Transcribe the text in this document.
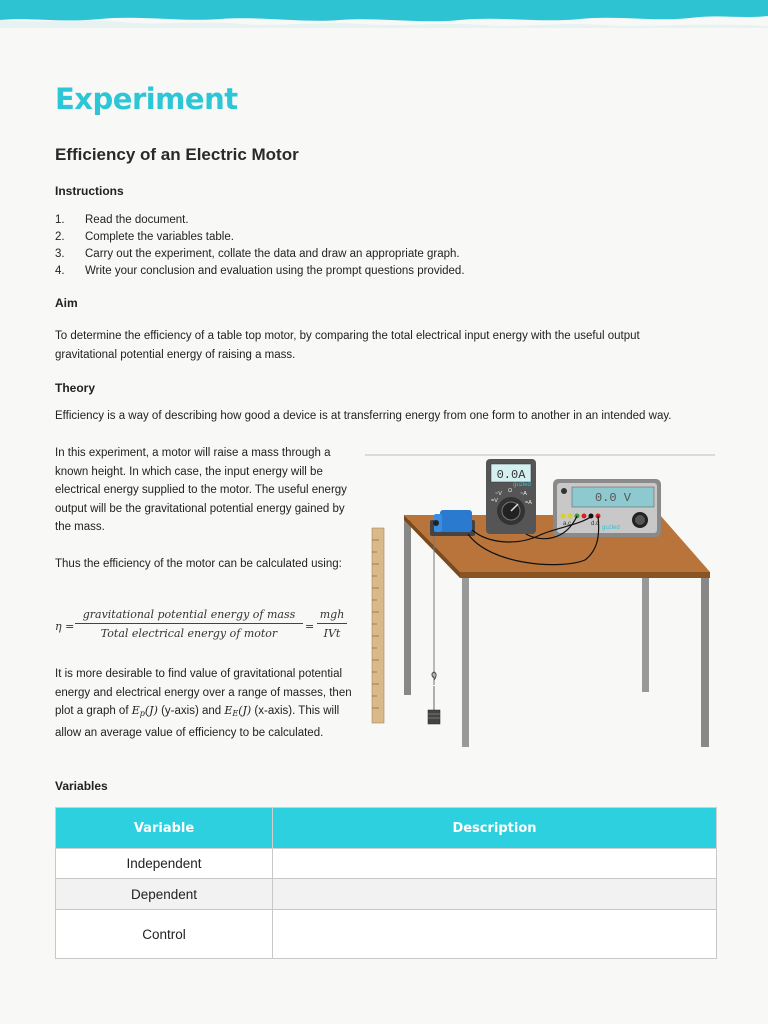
Experiment
Efficiency of an Electric Motor
Instructions
1.	Read the document.
2.	Complete the variables table.
3.	Carry out the experiment, collate the data and draw an appropriate graph.
4.	Write your conclusion and evaluation using the prompt questions provided.
Aim

To determine the efficiency of a table top motor, by comparing the total electrical input energy with the useful output gravitational potential energy of raising a mass.

Theory

Efficiency is a way of describing how good a device is at transferring energy from one form to another in an intended way.

In this experiment, a motor will raise a mass through a known height. In which case, the input energy will be electrical energy supplied to the motor. The useful energy output will be the gravitational potential energy gained by the mass.

Thus the efficiency of the motor can be calculated using:

η =
gravitational potential energy of mass
Total electrical energy of motor
=
mgh
IVt

It is more desirable to find value of gravitational potential energy and electrical energy over a range of masses, then plot a graph of $E_p(J)$ (y-axis) and $E_E(J)$ (x-axis). This will allow an average value of efficiency to be calculated.

0.0A
guzled
=V
Ω ~A
=A
~V	0.0 V
a.c.	d.c
guzled
Variables
Variable	Description
Independent	
Dependent	
Control	
